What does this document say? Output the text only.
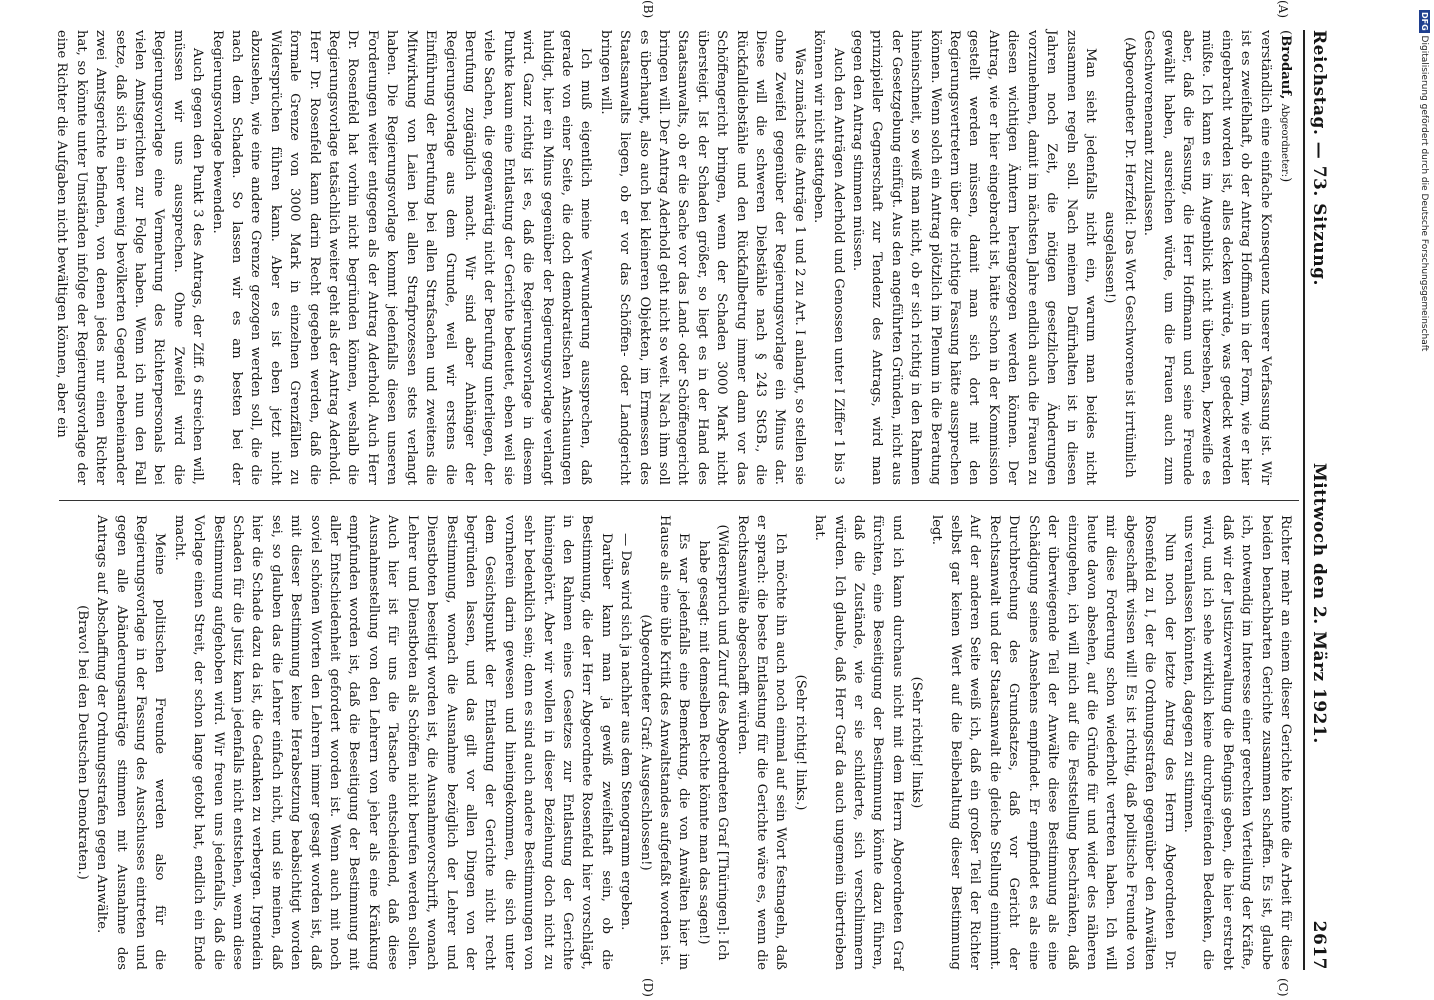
Reichstag. — 73. Sitzung.
Mittwoch den 2. März 1921.
2617

(Brodauf, Abgeordneter:)

verständlich eine einfache Konsequenz unserer Verfassung ist. Wir ist es zweifelhaft, ob der Antrag Hoffmann in der Form, wie er hier eingebracht worden ist, alles decken würde, was gedeckt werden müßte. Ich kann es im Augenblick nicht übersehen, bezweifle es aber, daß die Fassung, die Herr Hoffmann und seine Freunde gewählt haben, ausreichen würde, um die Frauen auch zum Geschworenenamt zuzulassen.

(Abgeordneter Dr. Herzfeld: Das Wort Geschworene ist irrtümlich ausgelassen!)

Man sieht jedenfalls nicht ein, warum man beides nicht zusammen regeln soll. Nach meinem Dafürhalten ist in diesen Jahren noch Zeit, die nötigen gesetzlichen Änderungen vorzunehmen, damit im nächsten Jahre endlich auch die Frauen zu diesen wichtigen Ämtern herangezogen werden können. Der Antrag, wie er hier eingebracht ist, hätte schon in der Kommission gestellt werden müssen, damit man sich dort mit den Regierungsvertretern über die richtige Fassung hätte aussprechen können. Wenn solch ein Antrag plötzlich im Plenum in die Beratung hineinschneit, so weiß man nicht, ob er sich richtig in den Rahmen der Gesetzgebung einfügt. Aus den angeführten Gründen, nicht aus prinzipieller Gegnerschaft zur Tendenz des Antrags, wird man gegen den Antrag stimmen müssen.

Auch den Anträgen Aderhold und Genossen unter I Ziffer 1 bis 3 können wir nicht stattgeben.

Was zunächst die Anträge 1 und 2 zu Art. I anlangt, so stellen sie ohne Zweifel gegenüber der Regierungsvorlage ein Minus dar. Diese will die schweren Diebstähle nach § 243 StGB., die Rückfalldiebstähle und den Rückfallbetrug immer dann vor das Schöffengericht bringen, wenn der Schaden 3000 Mark nicht übersteigt. Ist der Schaden größer, so liegt es in der Hand des Staatsanwalts, ob er die Sache vor das Land- oder Schöffengericht bringen will. Der Antrag Aderhold geht nicht so weit. Nach ihm soll es überhaupt, also auch bei kleineren Objekten, im Ermessen des Staatsanwalts liegen, ob er vor das Schöffen- oder Landgericht bringen will.

Ich muß eigentlich meine Verwunderung aussprechen, daß gerade von einer Seite, die doch demokratischen Anschauungen huldigt, hier ein Minus gegenüber der Regierungsvorlage verlangt wird. Ganz richtig ist es, daß die Regierungsvorlage in diesem Punkte kaum eine Entlastung der Gerichte bedeutet, eben weil sie viele Sachen, die gegenwärtig nicht der Berufung unterliegen, der Berufung zugänglich macht. Wir sind aber Anhänger der Regierungsvorlage aus dem Grunde, weil wir erstens die Einführung der Berufung bei allen Strafsachen und zweitens die Mitwirkung von Laien bei allen Strafprozessen stets verlangt haben. Die Regierungsvorlage kommt jedenfalls diesen unseren Forderungen weiter entgegen als der Antrag Aderhold. Auch Herr Dr. Rosenfeld hat vorhin nicht begründen können, weshalb die Regierungsvorlage tatsächlich weiter geht als der Antrag Aderhold. Herr Dr. Rosenfeld kann darin Recht gegeben werden, daß die formale Grenze von 3000 Mark in einzelnen Grenzfällen zu Widersprüchen führen kann. Aber es ist eben jetzt nicht abzusehen, wie eine andere Grenze gezogen werden soll, die die nach dem Schaden. So lassen wir es am besten bei der Regierungsvorlage bewenden.

Auch gegen den Punkt 3 des Antrags, der Ziff. 6 streichen will, müssen wir uns aussprechen. Ohne Zweifel wird die Regierungsvorlage eine Vermehrung des Richterpersonals bei vielen Amtsgerichten zur Folge haben. Wenn ich nun den Fall setze, daß sich in einer wenig bevölkerten Gegend nebeneinander zwei Amtsgerichte befinden, von denen jedes nur einen Richter hat, so könnte unter Umständen infolge der Regierungsvorlage der eine Richter die Aufgaben nicht bewältigen können, aber ein

Richter mehr an einem dieser Gerichte könnte die Arbeit für diese beiden benachbarten Gerichte zusammen schaffen. Es ist, glaube ich, notwendig im Interesse einer gerechten Verteilung der Kräfte, daß wir der Justizverwaltung die Befugnis geben, die hier erstrebt wird, und ich sehe wirklich keine durchgreifenden Bedenken, die uns veranlassen könnten, dagegen zu stimmen.

Nun noch der letzte Antrag des Herrn Abgeordneten Dr. Rosenfeld zu I, der die Ordnungsstrafen gegenüber den Anwälten abgeschafft wissen will! Es ist richtig, daß politische Freunde von mir diese Forderung schon wiederholt vertreten haben. Ich will heute davon absehen, auf die Gründe für und wider des näheren einzugehen, ich will mich auf die Feststellung beschränken, daß der überwiegende Teil der Anwälte diese Bestimmung als eine Schädigung seines Ansehens empfindet. Er empfindet es als eine Durchbrechung des Grundsatzes, daß vor Gericht der Rechtsanwalt und der Staatsanwalt die gleiche Stellung einnimmt. Auf der anderen Seite weiß ich, daß ein großer Teil der Richter selbst gar keinen Wert auf die Beibehaltung dieser Bestimmung legt.

(Sehr richtig! links)

und ich kann durchaus nicht mit dem Herrn Abgeordneten Graf fürchten, eine Beseitigung der Bestimmung könnte dazu führen, daß die Zustände, wie er sie schilderte, sich verschlimmern würden. Ich glaube, daß Herr Graf da auch ungemein übertrieben hat.

(Sehr richtig! links.)

Ich möchte ihn auch noch einmal auf sein Wort festnageln, daß er sprach: die beste Entlastung für die Gerichte wäre es, wenn die Rechtsanwälte abgeschafft würden.

(Widerspruch und Zuruf des Abgeordneten Graf [Thüringen]: Ich habe gesagt: mit demselben Rechte könnte man das sagen!)

Es war jedenfalls eine Bemerkung, die von Anwälten hier im Hause als eine üble Kritik des Anwaltstandes aufgefaßt worden ist.

(Abgeordneter Graf: Ausgeschlossen!)

— Das wird sich ja nachher aus dem Stenogramm ergeben.

Darüber kann man ja gewiß zweifelhaft sein, ob die Bestimmung, die der Herr Abgeordnete Rosenfeld hier vorschlägt, in den Rahmen eines Gesetzes zur Entlastung der Gerichte hineingehört. Aber wir wollen in dieser Beziehung doch nicht zu sehr bedenklich sein; denn es sind auch andere Bestimmungen von vornherein darin gewesen und hineingekommen, die sich unter dem Gesichtspunkt der Entlastung der Gerichte nicht recht begründen lassen, und das gilt vor allen Dingen von der Bestimmung, wonach die Ausnahme bezüglich der Lehrer und Dienstboten beseitigt worden ist, die Ausnahmevorschrift, wonach Lehrer und Dienstboten als Schöffen nicht berufen werden sollen. Auch hier ist für uns die Tatsache entscheidend, daß diese Ausnahmestellung von den Lehrern von jeher als eine Kränkung empfunden worden ist, daß die Beseitigung der Bestimmung mit aller Entschiedenheit gefordert worden ist. Wenn auch mit noch soviel schönen Worten den Lehrern immer gesagt worden ist, daß mit dieser Bestimmung keine Herabsetzung beabsichtigt worden sei, so glauben das die Lehrer einfach nicht, und sie meinen, daß hier die Schade dazu da ist, die Gedanken zu verbergen. Irgendein Schaden für die Justiz kann jedenfalls nicht entstehen, wenn diese Bestimmung aufgehoben wird. Wir freuen uns jedenfalls, daß die Vorlage einen Streit, der schon lange getobt hat, endlich ein Ende macht.

Meine politischen Freunde werden also für die Regierungsvorlage in der Fassung des Ausschusses eintreten und gegen alle Abänderungsanträge stimmen mit Ausnahme des Antrags auf Abschaffung der Ordnungsstrafen gegen Anwälte.

(Bravo! bei den Deutschen Demokraten.)

(A)
(B)
(C)
(D)
DFG Digitalisierung gefördert durch die Deutsche Forschungsgemeinschaft
